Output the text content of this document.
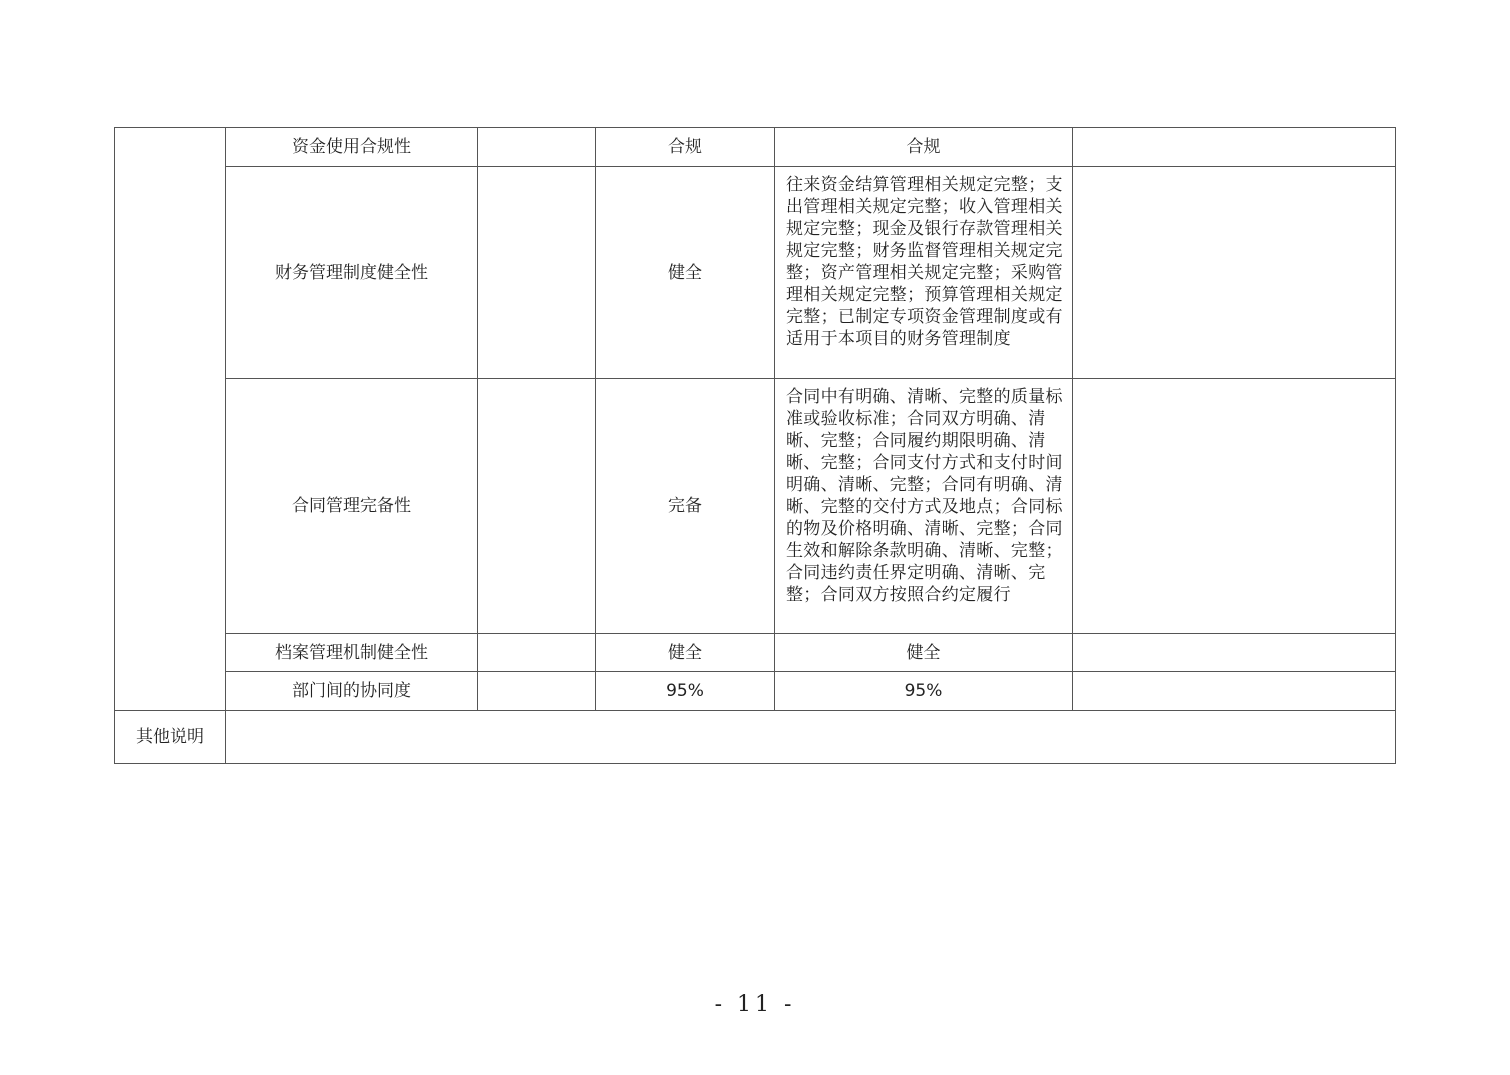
	资金使用合规性		合规	合规	
	财务管理制度健全性		健全	往来资金结算管理相关规定完整；支出管理相关规定完整；收入管理相关规定完整；现金及银行存款管理相关规定完整；财务监督管理相关规定完整；资产管理相关规定完整；采购管理相关规定完整；预算管理相关规定完整；已制定专项资金管理制度或有适用于本项目的财务管理制度	
	合同管理完备性		完备	合同中有明确、清晰、完整的质量标准或验收标准；合同双方明确、清晰、完整；合同履约期限明确、清晰、完整；合同支付方式和支付时间明确、清晰、完整；合同有明确、清晰、完整的交付方式及地点；合同标的物及价格明确、清晰、完整；合同生效和解除条款明确、清晰、完整；合同违约责任界定明确、清晰、完整；合同双方按照合约定履行	
	档案管理机制健全性		健全	健全	
	部门间的协同度		95%	95%	
其他说明					
- 11 -
